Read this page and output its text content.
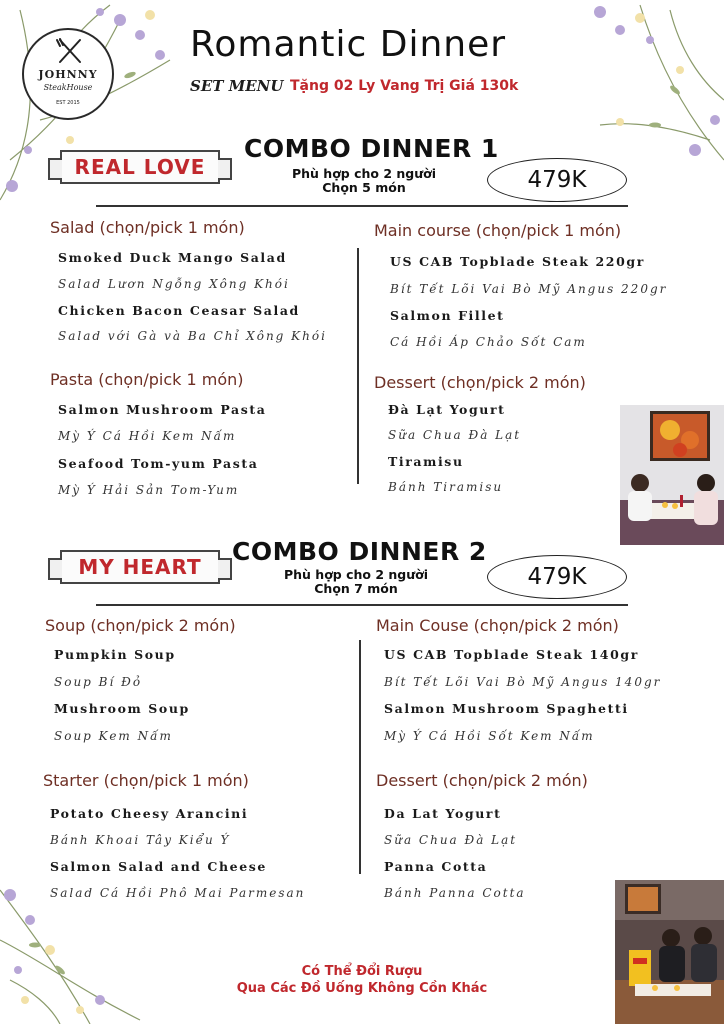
JOHNNY
SteakHouse
EST 2015
Romantic Dinner
SET MENU Tặng 02 Ly Vang Trị Giá 130k
REAL LOVE
COMBO DINNER 1
Phù hợp cho 2 người
Chọn 5 món	479K
Salad (chọn/pick 1 món)
Smoked Duck Mango Salad
Salad Lươn Ngỗng Xông Khói
Chicken Bacon Ceasar Salad
Salad với Gà và Ba Chỉ Xông Khói
Pasta (chọn/pick 1 món)
Salmon Mushroom Pasta
Mỳ Ý Cá Hồi Kem Nấm
Seafood Tom-yum Pasta
Mỳ Ý Hải Sản Tom-Yum
Main course (chọn/pick 1 món)
US CAB Topblade Steak 220gr
Bít Tết Lõi Vai Bò Mỹ Angus 220gr
Salmon Fillet
Cá Hồi Áp Chảo Sốt Cam
Dessert (chọn/pick 2 món)
Đà Lạt Yogurt
Sữa Chua Đà Lạt
Tiramisu
Bánh Tiramisu
MY HEART
COMBO DINNER 2
Phù hợp cho 2 người
Chọn 7 món	479K
Soup (chọn/pick 2 món)
Pumpkin Soup
Soup Bí Đỏ
Mushroom Soup
Soup Kem Nấm
Starter (chọn/pick 1 món)
Potato Cheesy Arancini
Bánh Khoai Tây Kiểu Ý
Salmon Salad and Cheese
Salad Cá Hồi Phô Mai Parmesan
Main Couse (chọn/pick 2 món)
US CAB Topblade Steak 140gr
Bít Tết Lõi Vai Bò Mỹ Angus 140gr
Salmon Mushroom Spaghetti
Mỳ Ý Cá Hồi Sốt Kem Nấm
Dessert (chọn/pick 2 món)
Da Lat Yogurt
Sữa Chua Đà Lạt
Panna Cotta
Bánh Panna Cotta
Có Thể Đổi Rượu
Qua Các Đồ Uống Không Cồn Khác
